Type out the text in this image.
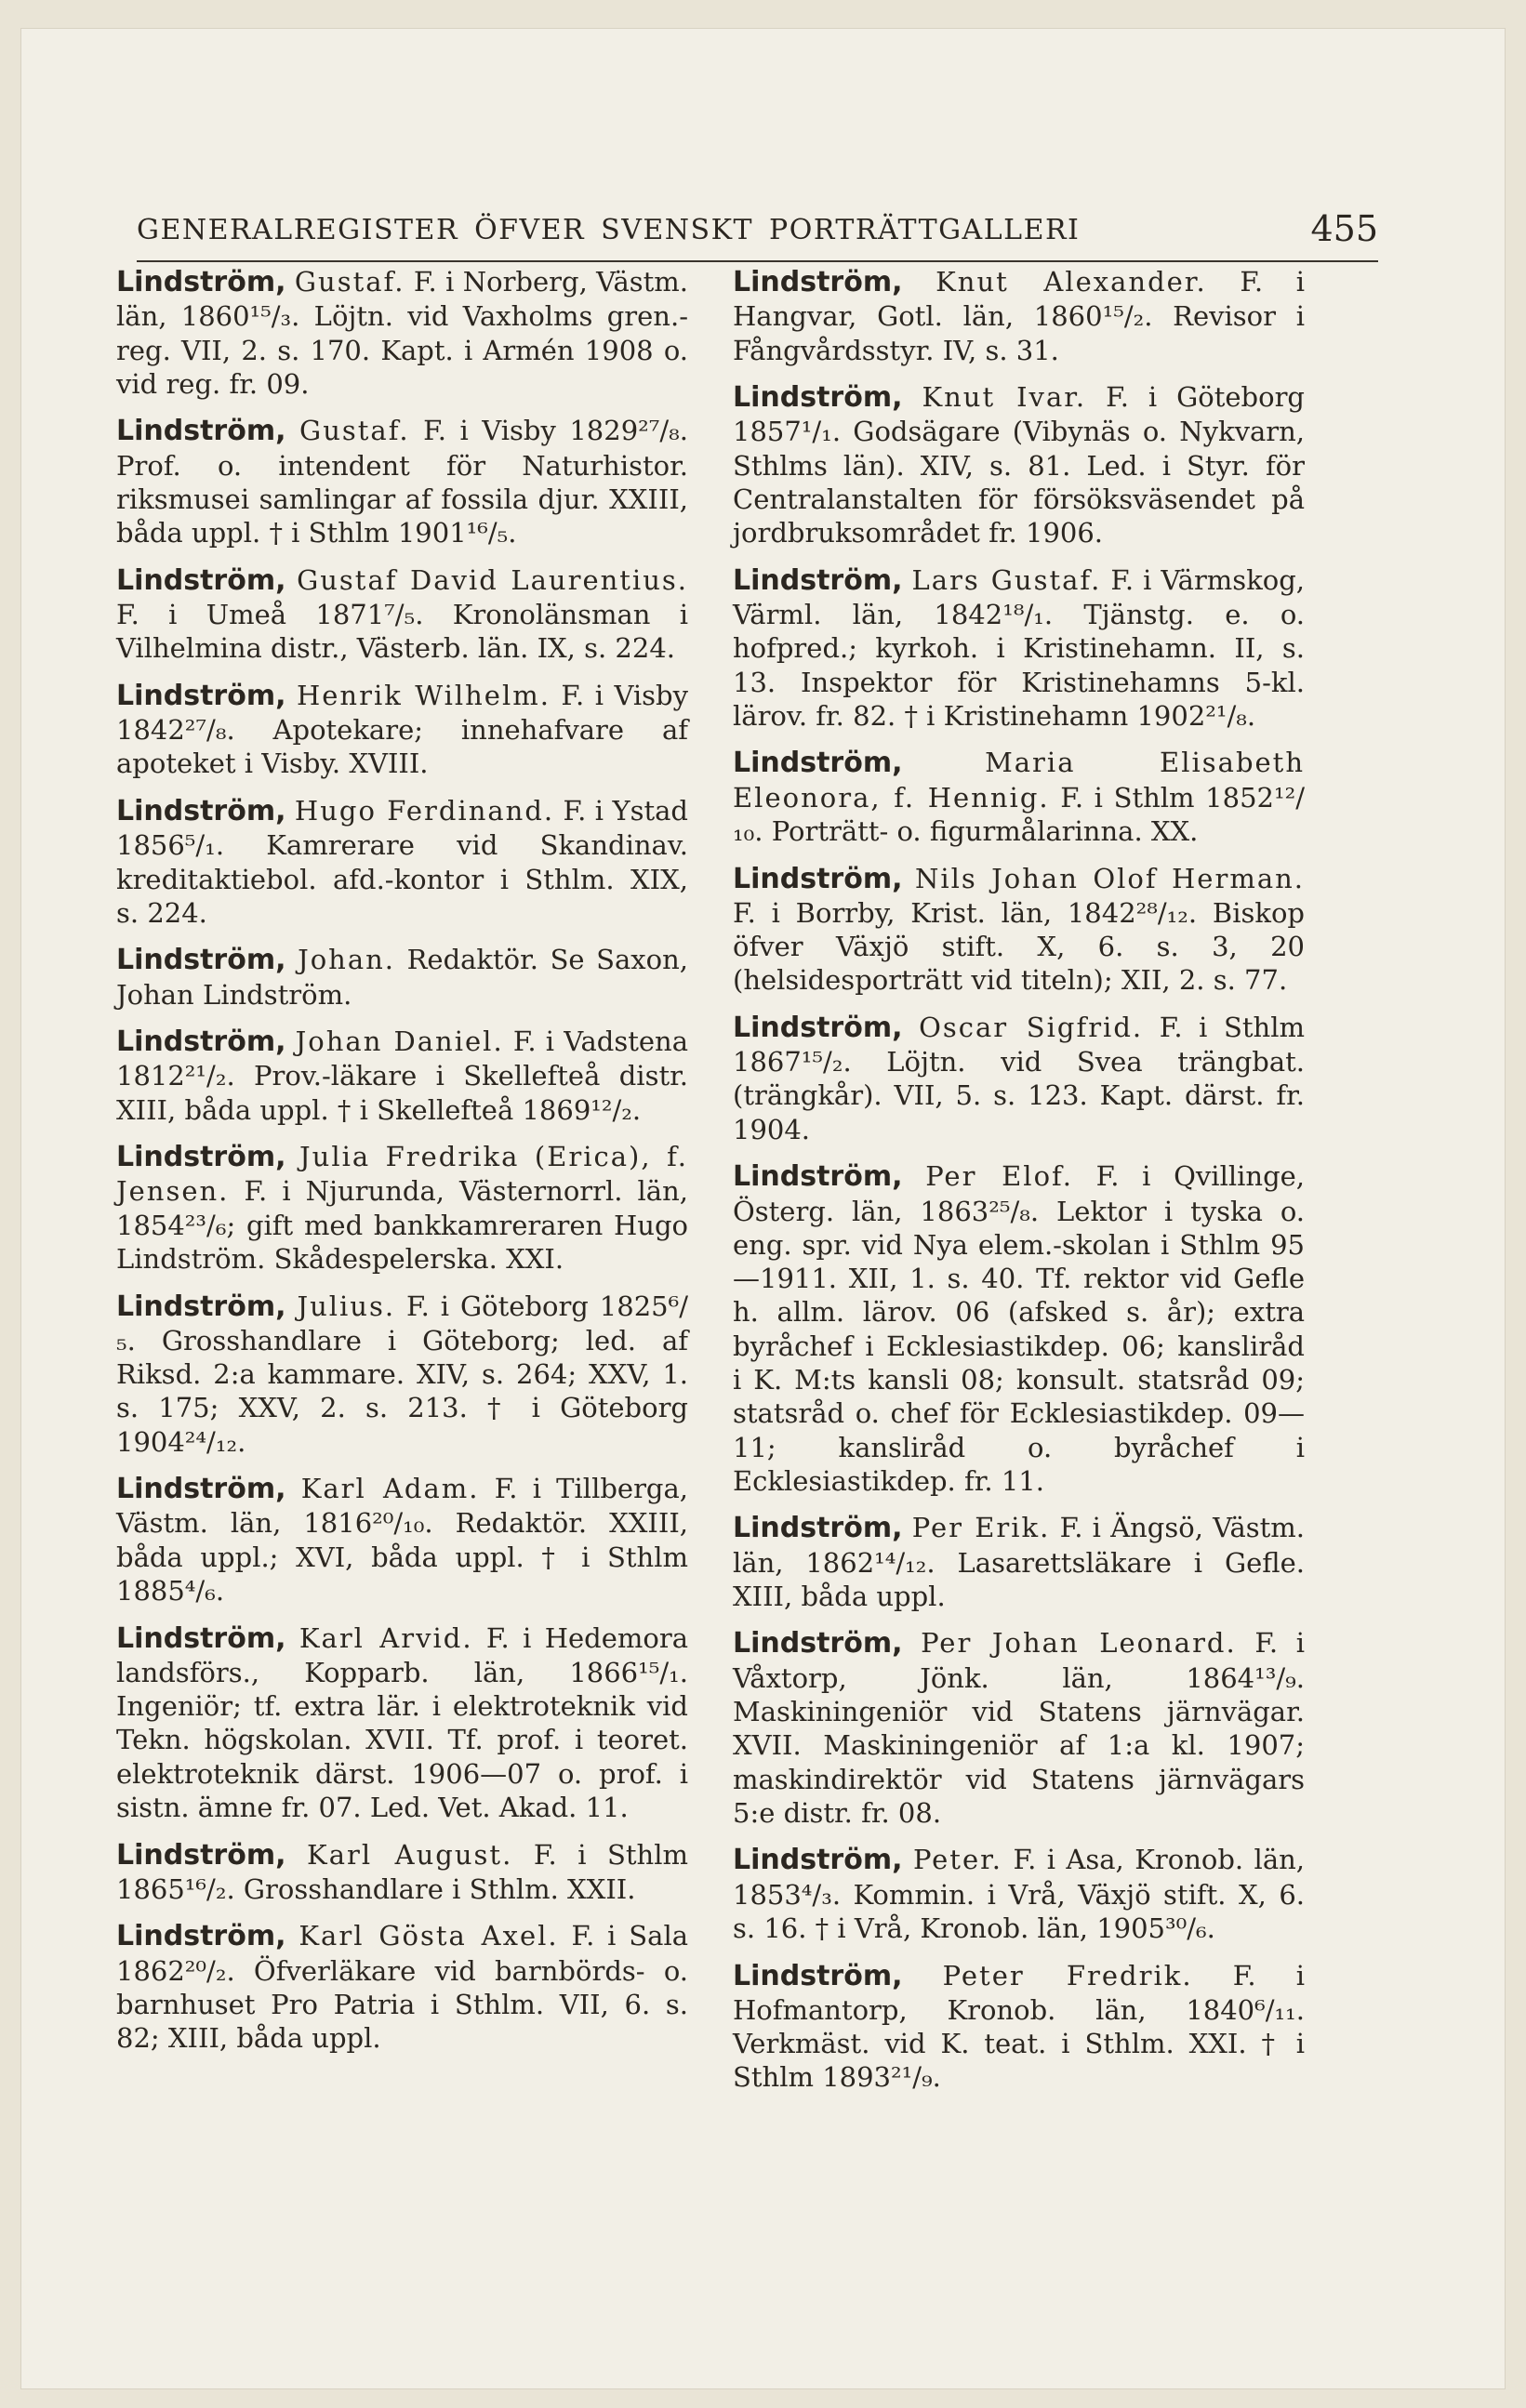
GENERALREGISTER ÖFVER SVENSKT PORTRÄTTGALLERI	455

Lindström, Gustaf. F. i Norberg, Västm. län, 1860¹⁵/₃. Löjtn. vid Vaxholms gren.-reg. VII, 2. s. 170. Kapt. i Armén 1908 o. vid reg. fr. 09.

Lindström, Gustaf. F. i Visby 1829²⁷/₈. Prof. o. intendent för Naturhistor. riksmusei samlingar af fossila djur. XXIII, båda uppl. † i Sthlm 1901¹⁶/₅.

Lindström, Gustaf David Laurentius. F. i Umeå 1871⁷/₅. Kronolänsman i Vilhelmina distr., Västerb. län. IX, s. 224.

Lindström, Henrik Wilhelm. F. i Visby 1842²⁷/₈. Apotekare; innehafvare af apoteket i Visby. XVIII.

Lindström, Hugo Ferdinand. F. i Ystad 1856⁵/₁. Kamrerare vid Skandinav. kreditaktiebol. afd.-kontor i Sthlm. XIX, s. 224.

Lindström, Johan. Redaktör. Se Saxon, Johan Lindström.

Lindström, Johan Daniel. F. i Vadstena 1812²¹/₂. Prov.-läkare i Skellefteå distr. XIII, båda uppl. † i Skellefteå 1869¹²/₂.

Lindström, Julia Fredrika (Erica), f. Jensen. F. i Njurunda, Västernorrl. län, 1854²³/₆; gift med bankkamreraren Hugo Lindström. Skådespelerska. XXI.

Lindström, Julius. F. i Göteborg 1825⁶/₅. Grosshandlare i Göteborg; led. af Riksd. 2:a kammare. XIV, s. 264; XXV, 1. s. 175; XXV, 2. s. 213. † i Göteborg 1904²⁴/₁₂.

Lindström, Karl Adam. F. i Tillberga, Västm. län, 1816²⁰/₁₀. Redaktör. XXIII, båda uppl.; XVI, båda uppl. † i Sthlm 1885⁴/₆.

Lindström, Karl Arvid. F. i Hedemora landsförs., Kopparb. län, 1866¹⁵/₁. Ingeniör; tf. extra lär. i elektroteknik vid Tekn. högskolan. XVII. Tf. prof. i teoret. elektroteknik därst. 1906—07 o. prof. i sistn. ämne fr. 07. Led. Vet. Akad. 11.

Lindström, Karl August. F. i Sthlm 1865¹⁶/₂. Grosshandlare i Sthlm. XXII.

Lindström, Karl Gösta Axel. F. i Sala 1862²⁰/₂. Öfverläkare vid barnbörds- o. barnhuset Pro Patria i Sthlm. VII, 6. s. 82; XIII, båda uppl.

Lindström, Knut Alexander. F. i Hangvar, Gotl. län, 1860¹⁵/₂. Revisor i Fångvårdsstyr. IV, s. 31.

Lindström, Knut Ivar. F. i Göteborg 1857¹/₁. Godsägare (Vibynäs o. Nykvarn, Sthlms län). XIV, s. 81. Led. i Styr. för Centralanstalten för försöksväsendet på jordbruksområdet fr. 1906.

Lindström, Lars Gustaf. F. i Värmskog, Värml. län, 1842¹⁸/₁. Tjänstg. e. o. hofpred.; kyrkoh. i Kristinehamn. II, s. 13. Inspektor för Kristinehamns 5-kl. lärov. fr. 82. † i Kristinehamn 1902²¹/₈.

Lindström,	Maria Elisabeth Eleonora, f. Hennig. F. i Sthlm 1852¹²/₁₀. Porträtt- o. figurmålarinna. XX.

Lindström, Nils Johan Olof Herman. F. i Borrby, Krist. län, 1842²⁸/₁₂. Biskop öfver Växjö stift. X, 6. s. 3, 20 (helsidesporträtt vid titeln); XII, 2. s. 77.

Lindström, Oscar Sigfrid. F. i Sthlm 1867¹⁵/₂. Löjtn. vid Svea trängbat. (trängkår). VII, 5. s. 123. Kapt. därst. fr. 1904.

Lindström, Per Elof. F. i Qvillinge, Österg. län, 1863²⁵/₈. Lektor i tyska o. eng. spr. vid Nya elem.-skolan i Sthlm 95—1911. XII, 1. s. 40. Tf. rektor vid Gefle h. allm. lärov. 06 (afsked s. år); extra byråchef i Ecklesiastikdep. 06; kansliråd i K. M:ts kansli 08; konsult. statsråd 09; statsråd o. chef för Ecklesiastikdep. 09—11; kansliråd o. byråchef i Ecklesiastikdep. fr. 11.

Lindström, Per Erik. F. i Ängsö, Västm. län, 1862¹⁴/₁₂. Lasarettsläkare i Gefle. XIII, båda uppl.

Lindström, Per Johan Leonard. F. i Våxtorp, Jönk. län, 1864¹³/₉. Maskiningeniör vid Statens järnvägar. XVII. Maskiningeniör af 1:a kl. 1907; maskindirektör vid Statens järnvägars 5:e distr. fr. 08.

Lindström, Peter. F. i Asa, Kronob. län, 1853⁴/₃. Kommin. i Vrå, Växjö stift. X, 6. s. 16. † i Vrå, Kronob. län, 1905³⁰/₆.

Lindström, Peter Fredrik. F. i Hofmantorp, Kronob. län, 1840⁶/₁₁. Verkmäst. vid K. teat. i Sthlm. XXI. † i Sthlm 1893²¹/₉.
